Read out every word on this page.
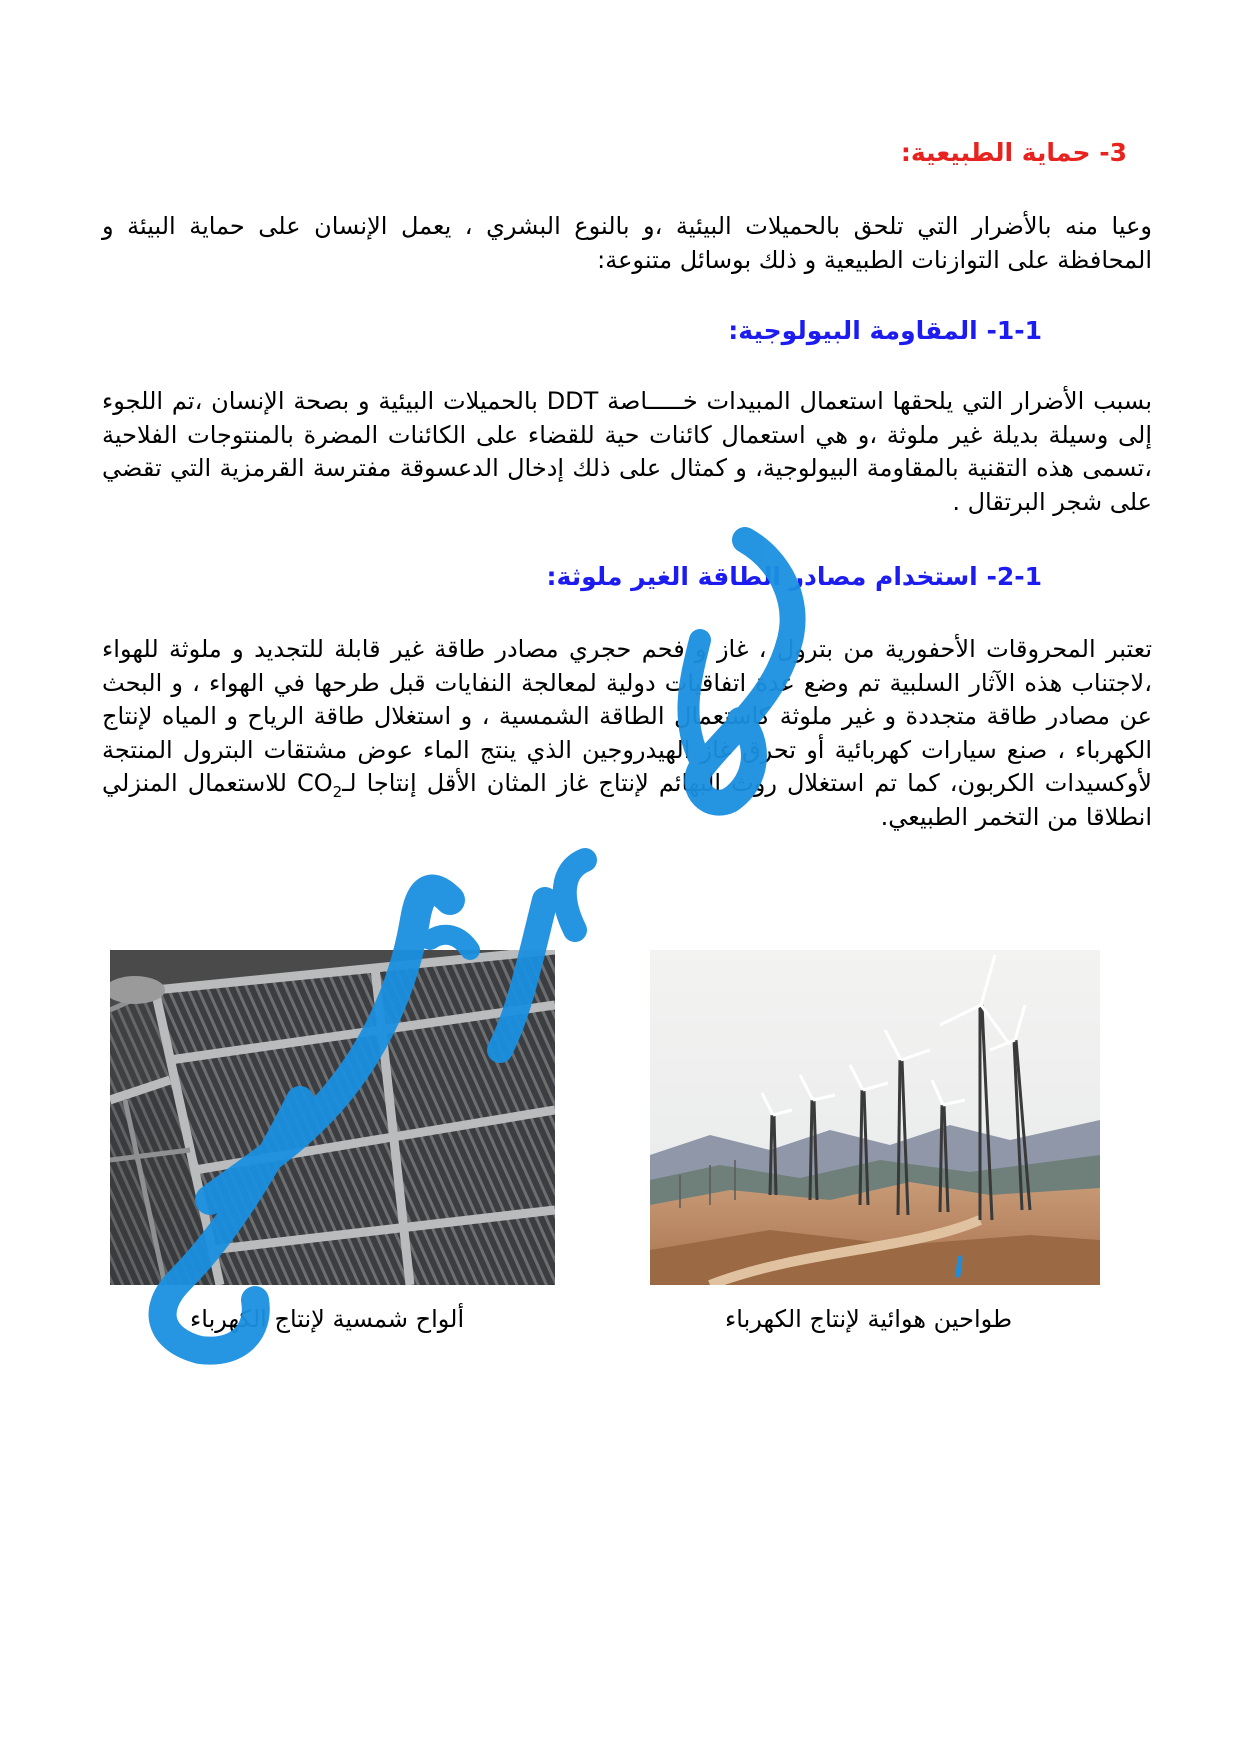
3- حماية الطبيعية:

وعيا منه بالأضرار التي تلحق بالحميلات البيئية ،و بالنوع البشري ، يعمل الإنسان على حماية البيئة و المحافظة على التوازنات الطبيعية و ذلك بوسائل متنوعة:

1-1- المقاومة البيولوجية:

بسبب الأضرار التي يلحقها استعمال المبيدات خـــــاصة DDT بالحميلات البيئية و بصحة الإنسان ،تم اللجوء إلى وسيلة بديلة غير ملوثة ،و هي استعمال كائنات حية للقضاء على الكائنات المضرة بالمنتوجات الفلاحية ،تسمى هذه التقنية بالمقاومة البيولوجية، و كمثال على ذلك إدخال الدعسوقة مفترسة القرمزية التي تقضي على شجر البرتقال .

2-1- استخدام مصادر الطاقة الغير ملوثة:

تعتبر المحروقات الأحفورية من بترول ، غاز و فحم حجري مصادر طاقة غير قابلة للتجديد و ملوثة للهواء ،لاجتناب هذه الآثار السلبية تم وضع عدة اتفاقيات دولية لمعالجة النفايات قبل طرحها في الهواء ، و البحث عن مصادر طاقة متجددة و غير ملوثة كاستعمال الطاقة الشمسية ، و استغلال طاقة الرياح و المياه لإنتاج الكهرباء ، صنع سيارات كهربائية أو تحرق غاز الهيدروجين الذي ينتج الماء عوض مشتقات البترول المنتجة لأوكسيدات الكربون، كما تم استغلال روث البهائم لإنتاج غاز المثان الأقل إنتاجا لـCO$_2$ للاستعمال المنزلي انطلاقا من التخمر الطبيعي.

ألواح شمسية لإنتاج الكهرباء	طواحين هوائية لإنتاج الكهرباء
